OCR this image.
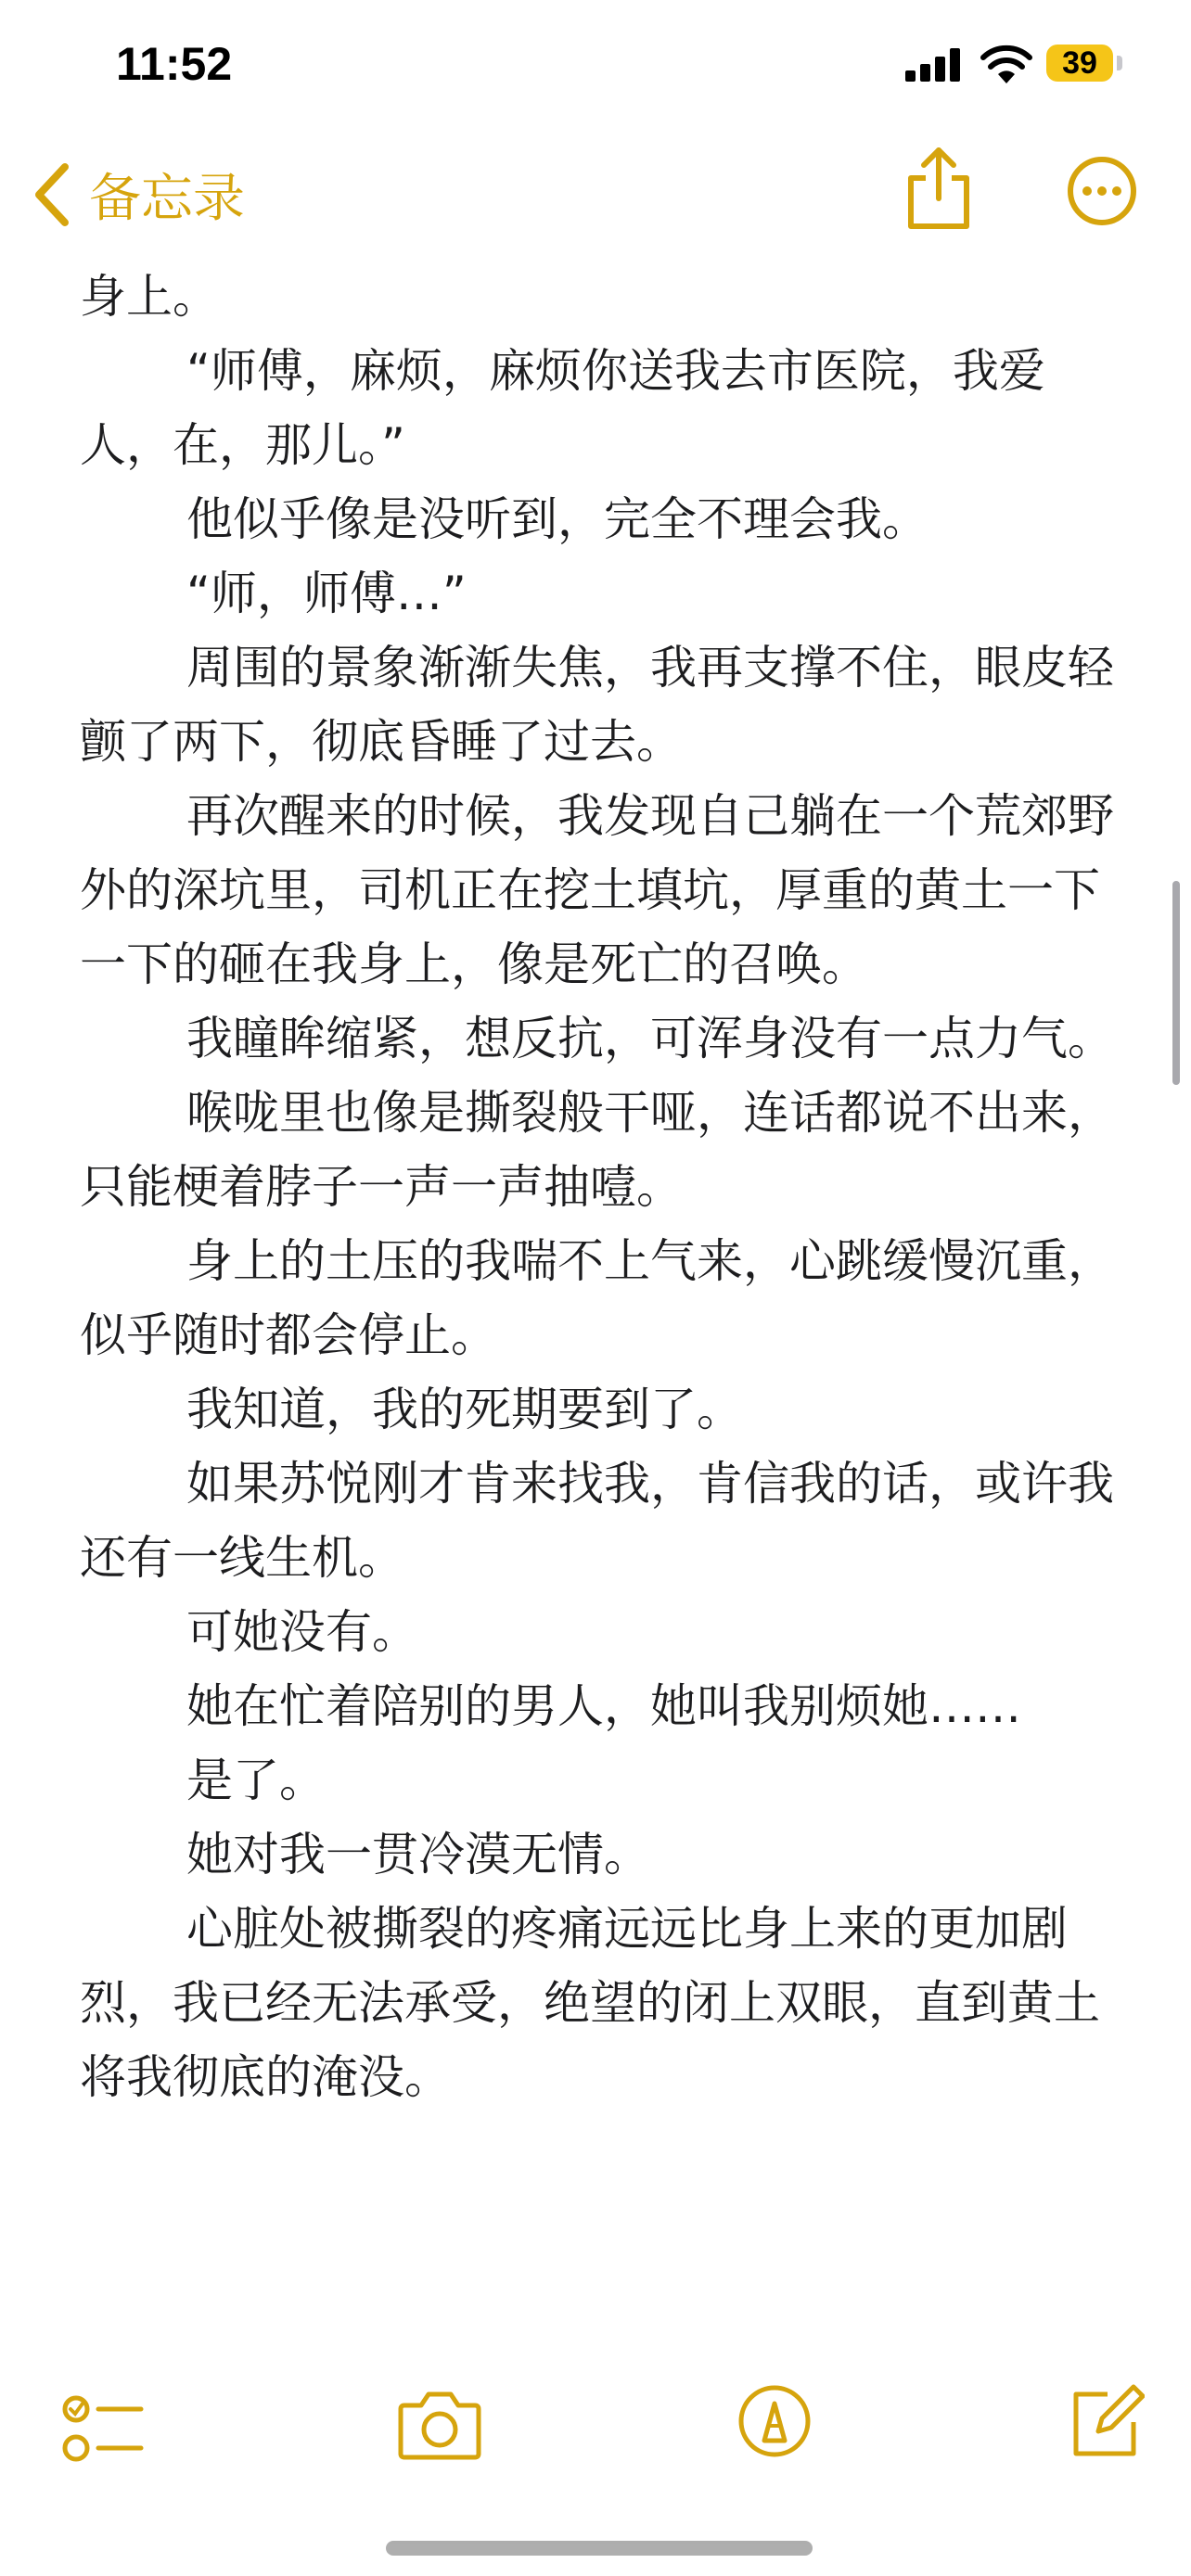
11:52	39
备忘录

身上。

“师傅，麻烦，麻烦你送我去市医院，我爱人，在，那儿。”

他似乎像是没听到，完全不理会我。

“师，师傅…”

周围的景象渐渐失焦，我再支撑不住，眼皮轻颤了两下，彻底昏睡了过去。

再次醒来的时候，我发现自己躺在一个荒郊野外的深坑里，司机正在挖土填坑，厚重的黄土一下一下的砸在我身上，像是死亡的召唤。

我瞳眸缩紧，想反抗，可浑身没有一点力气。

喉咙里也像是撕裂般干哑，连话都说不出来，只能梗着脖子一声一声抽噎。

身上的土压的我喘不上气来，心跳缓慢沉重，似乎随时都会停止。

我知道，我的死期要到了。

如果苏悦刚才肯来找我，肯信我的话，或许我还有一线生机。

可她没有。

她在忙着陪别的男人，她叫我别烦她……

是了。

她对我一贯冷漠无情。

心脏处被撕裂的疼痛远远比身上来的更加剧烈，我已经无法承受，绝望的闭上双眼，直到黄土将我彻底的淹没。
